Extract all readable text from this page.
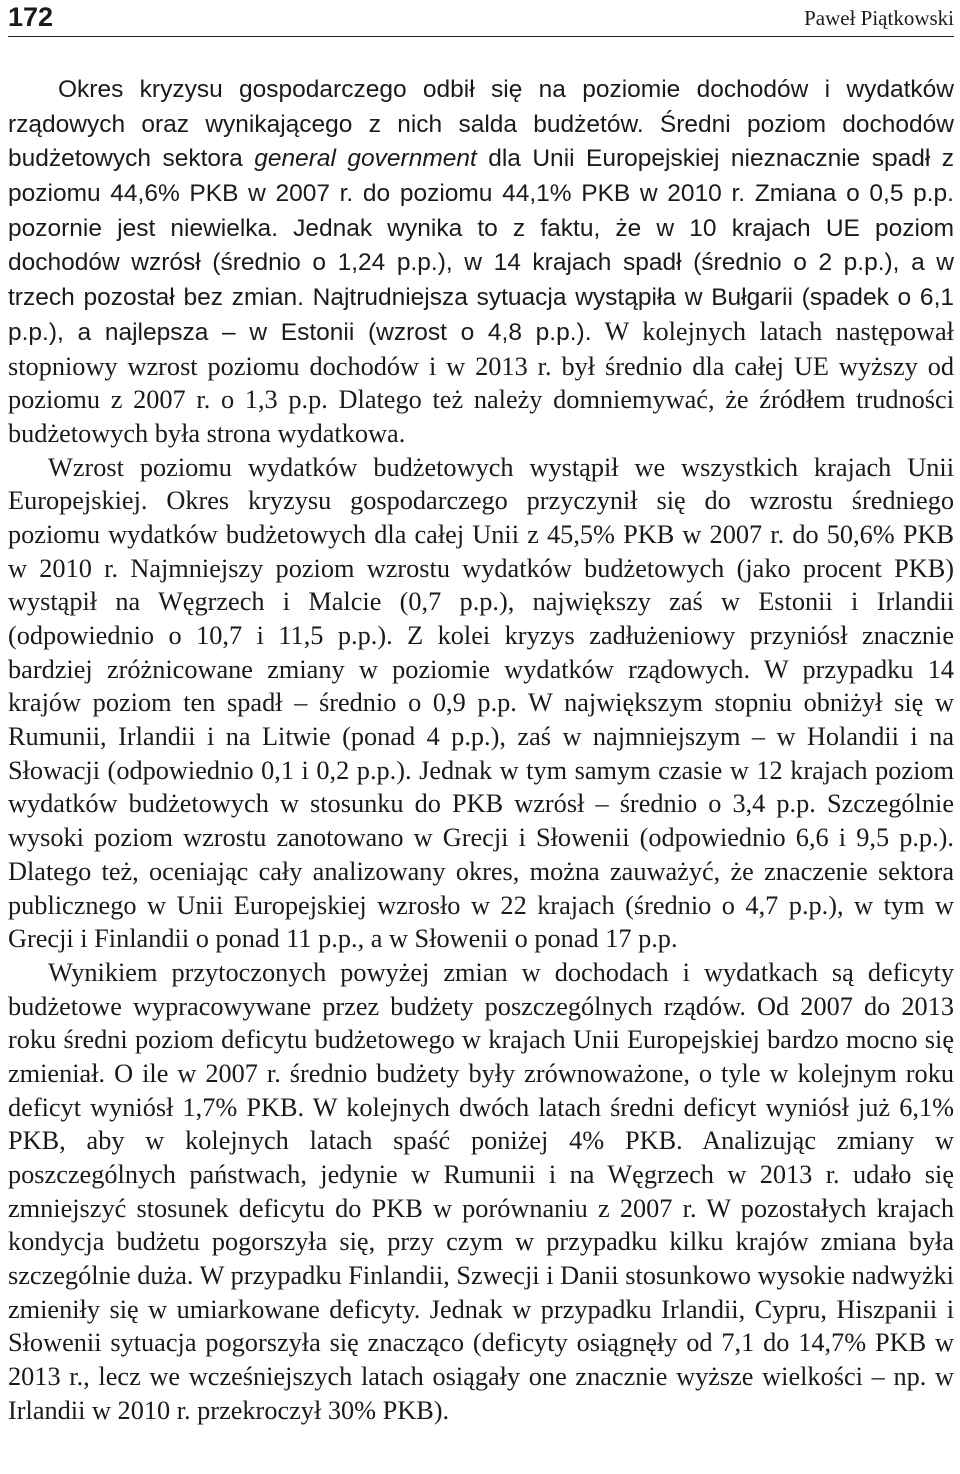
172	Paweł Piątkowski

Okres kryzysu gospodarczego odbił się na poziomie dochodów i wydatków rządowych oraz wynikającego z nich salda budżetów. Średni poziom dochodów budżetowych sektora general government dla Unii Europejskiej nieznacznie spadł z poziomu 44,6% PKB w 2007 r. do poziomu 44,1% PKB w 2010 r. Zmiana o 0,5 p.p. pozornie jest niewielka. Jednak wynika to z faktu, że w 10 krajach UE poziom dochodów wzrósł (średnio o 1,24 p.p.), w 14 krajach spadł (średnio o 2 p.p.), a w trzech pozostał bez zmian. Najtrudniejsza sytuacja wystąpiła w Bułgarii (spadek o 6,1 p.p.), a najlepsza – w Estonii (wzrost o 4,8 p.p.). W kolejnych latach następował stopniowy wzrost poziomu dochodów i w 2013 r. był średnio dla całej UE wyższy od poziomu z 2007 r. o 1,3 p.p. Dlatego też należy domniemywać, że źródłem trudności budżetowych była strona wydatkowa.

Wzrost poziomu wydatków budżetowych wystąpił we wszystkich krajach Unii Europejskiej. Okres kryzysu gospodarczego przyczynił się do wzrostu średniego poziomu wydatków budżetowych dla całej Unii z 45,5% PKB w 2007 r. do 50,6% PKB w 2010 r. Najmniejszy poziom wzrostu wydatków budżetowych (jako procent PKB) wystąpił na Węgrzech i Malcie (0,7 p.p.), największy zaś w Estonii i Irlandii (odpowiednio o 10,7 i 11,5 p.p.). Z kolei kryzys zadłużeniowy przyniósł znacznie bardziej zróżnicowane zmiany w poziomie wydatków rządowych. W przypadku 14 krajów poziom ten spadł – średnio o 0,9 p.p. W największym stopniu obniżył się w Rumunii, Irlandii i na Litwie (ponad 4 p.p.), zaś w najmniejszym – w Holandii i na Słowacji (odpowiednio 0,1 i 0,2 p.p.). Jednak w tym samym czasie w 12 krajach poziom wydatków budżetowych w stosunku do PKB wzrósł – średnio o 3,4 p.p. Szczególnie wysoki poziom wzrostu zanotowano w Grecji i Słowenii (odpowiednio 6,6 i 9,5 p.p.). Dlatego też, oceniając cały analizowany okres, można zauważyć, że znaczenie sektora publicznego w Unii Europejskiej wzrosło w 22 krajach (średnio o 4,7 p.p.), w tym w Grecji i Finlandii o ponad 11 p.p., a w Słowenii o ponad 17 p.p.

Wynikiem przytoczonych powyżej zmian w dochodach i wydatkach są deficyty budżetowe wypracowywane przez budżety poszczególnych rządów. Od 2007 do 2013 roku średni poziom deficytu budżetowego w krajach Unii Europejskiej bardzo mocno się zmieniał. O ile w 2007 r. średnio budżety były zrównoważone, o tyle w kolejnym roku deficyt wyniósł 1,7% PKB. W kolejnych dwóch latach średni deficyt wyniósł już 6,1% PKB, aby w kolejnych latach spaść poniżej 4% PKB. Analizując zmiany w poszczególnych państwach, jedynie w Rumunii i na Węgrzech w 2013 r. udało się zmniejszyć stosunek deficytu do PKB w porównaniu z 2007 r. W pozostałych krajach kondycja budżetu pogorszyła się, przy czym w przypadku kilku krajów zmiana była szczególnie duża. W przypadku Finlandii, Szwecji i Danii stosunkowo wysokie nadwyżki zmieniły się w umiarkowane deficyty. Jednak w przypadku Irlandii, Cypru, Hiszpanii i Słowenii sytuacja pogorszyła się znacząco (deficyty osiągnęły od 7,1 do 14,7% PKB w 2013 r., lecz we wcześniejszych latach osiągały one znacznie wyższe wielkości – np. w Irlandii w 2010 r. przekroczył 30% PKB).
